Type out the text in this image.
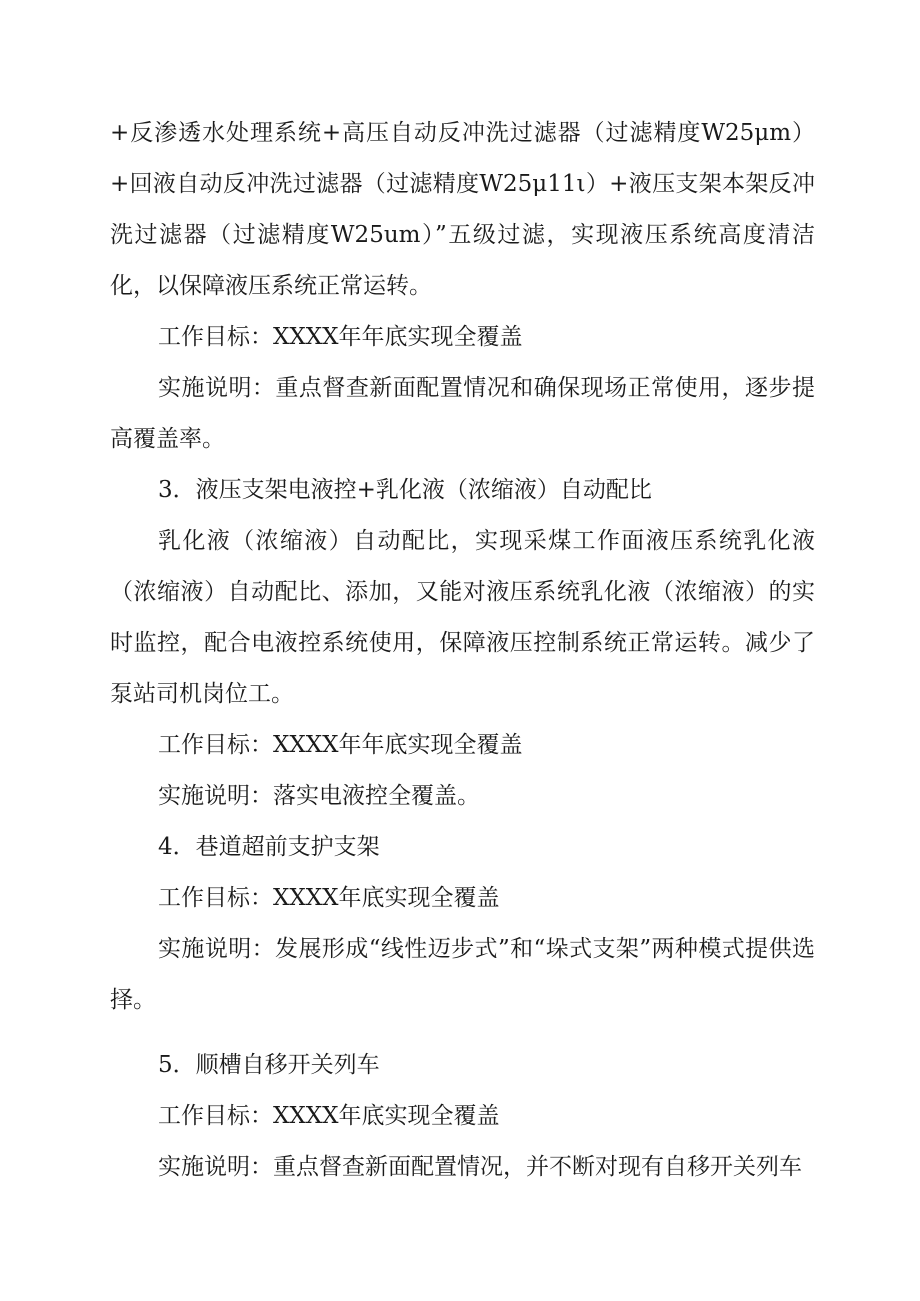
+反渗透水处理系统+高压自动反冲洗过滤器（过滤精度W25μm）+回液自动反冲洗过滤器（过滤精度W25μ11ι）+液压支架本架反冲洗过滤器（过滤精度W25um）”五级过滤，实现液压系统高度清洁化，以保障液压系统正常运转。

工作目标：XXXX年年底实现全覆盖

实施说明：重点督查新面配置情况和确保现场正常使用，逐步提高覆盖率。

3．液压支架电液控+乳化液（浓缩液）自动配比

乳化液（浓缩液）自动配比，实现采煤工作面液压系统乳化液（浓缩液）自动配比、添加，又能对液压系统乳化液（浓缩液）的实时监控，配合电液控系统使用，保障液压控制系统正常运转。减少了泵站司机岗位工。

工作目标：XXXX年年底实现全覆盖

实施说明：落实电液控全覆盖。

4．巷道超前支护支架

工作目标：XXXX年底实现全覆盖

实施说明：发展形成“线性迈步式”和“垛式支架”两种模式提供选择。

5．顺槽自移开关列车

工作目标：XXXX年底实现全覆盖

实施说明：重点督查新面配置情况，并不断对现有自移开关列车
